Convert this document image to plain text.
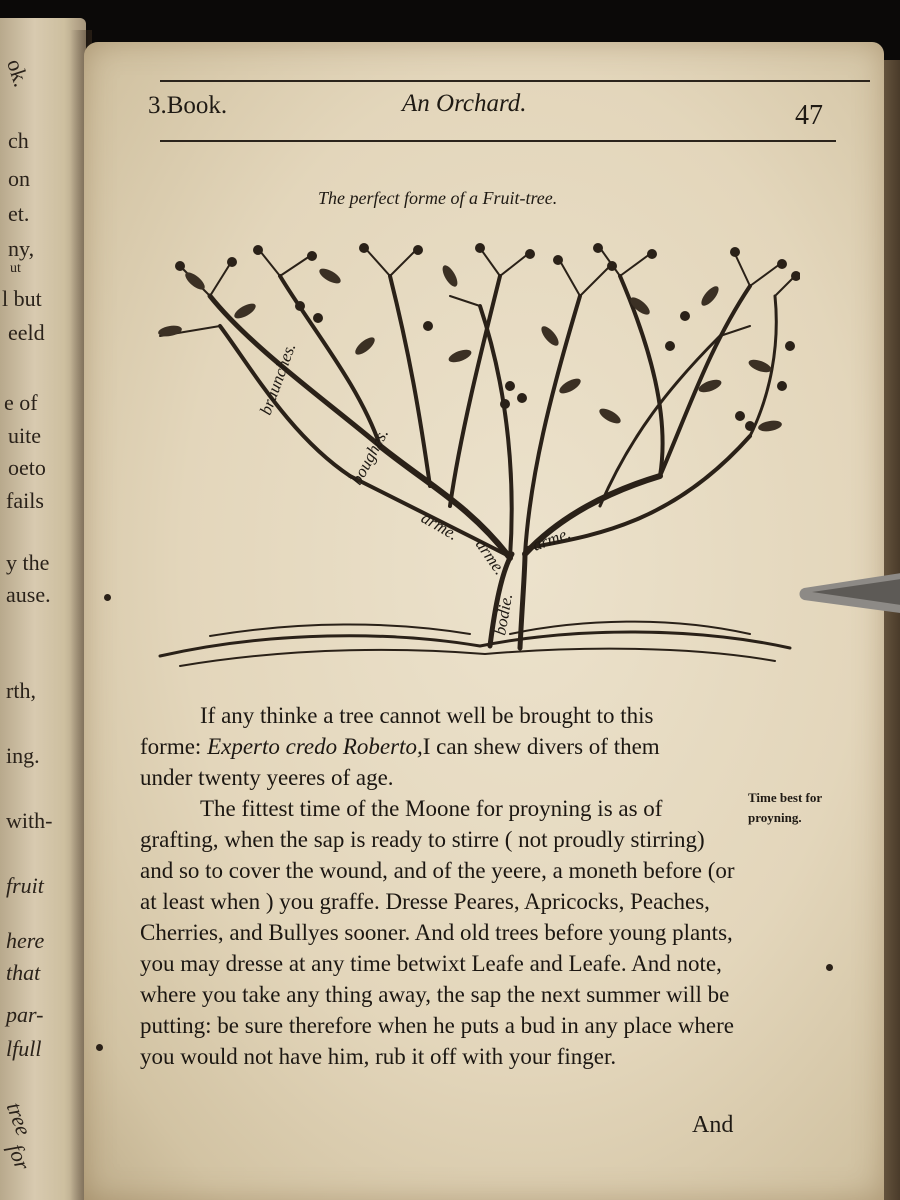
ok.
ch
on
et.
ny,
ut
l but
eeld
e of
uite
oeto
fails
y the
ause.
rth,
ing.
with-
fruit
here
that
par-
lfull
tree
for
3.Book.	An Orchard.	47
The perfect forme of a Fruit-tree.
braunches.
boughes.
arme.
arme. arme.
bodie.

If any thinke a tree cannot well be brought to this
forme: Experto credo Roberto,I can shew divers of them
under twenty yeeres of age.

The fittest time of the Moone for proyning is as of grafting, when the sap is ready to stirre ( not proudly stirring) and so to cover the wound, and of the yeere, a moneth before (or at least when ) you graffe. Dresse Peares, Apricocks, Peaches, Cherries, and Bullyes sooner. And old trees before young plants, you may dresse at any time betwixt Leafe and Leafe. And note, where you take any thing away, the sap the next summer will be putting: be sure therefore when he puts a bud in any place where you would not have him, rub it off with your finger.

Time best for
proyning.
And
